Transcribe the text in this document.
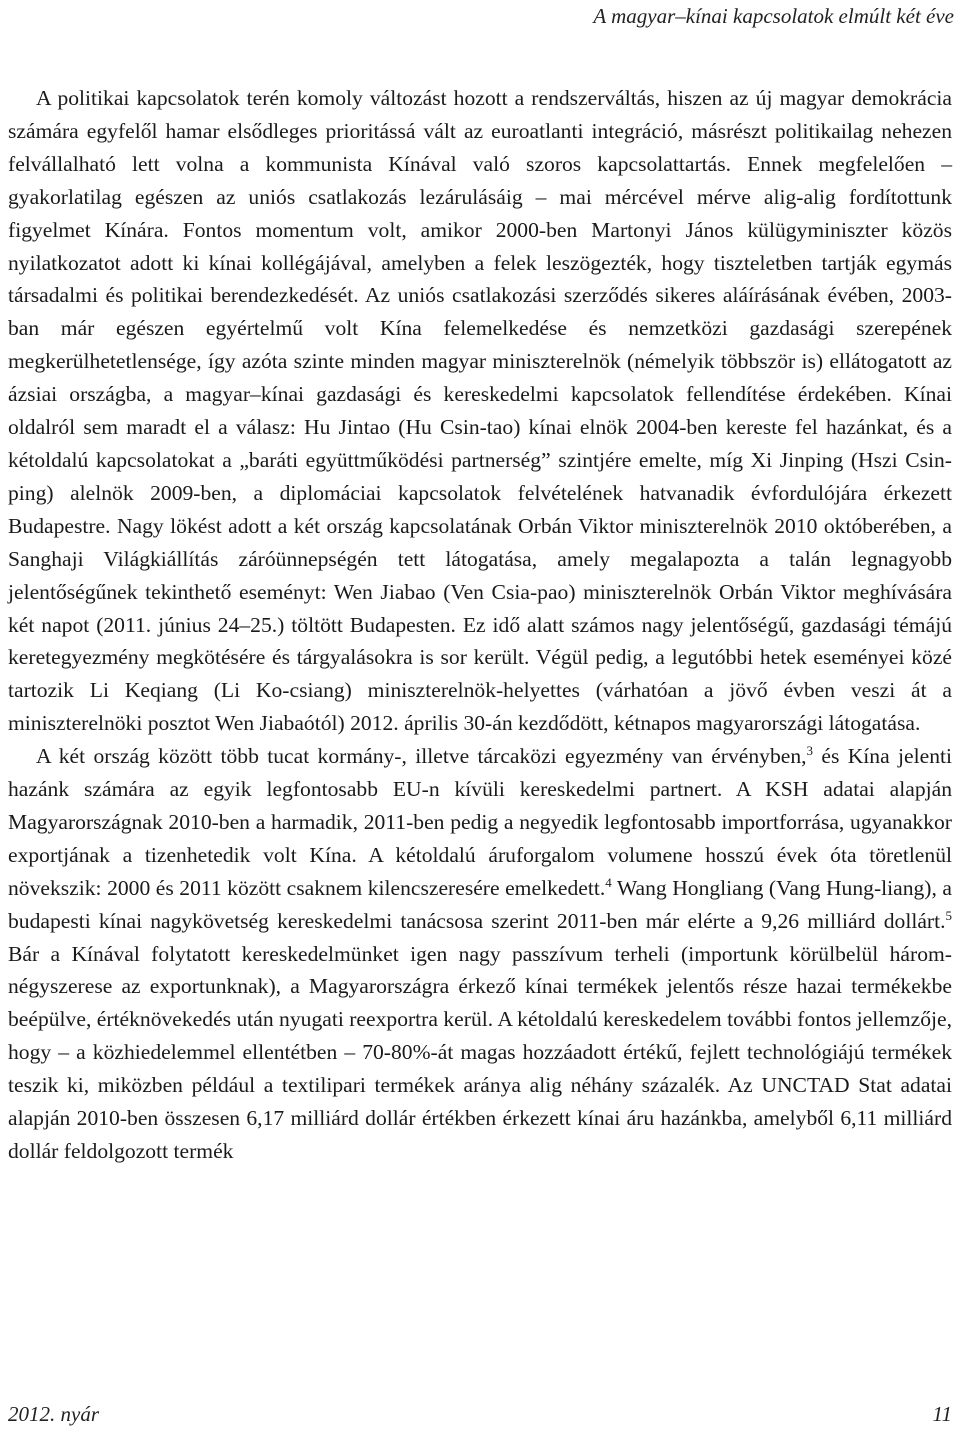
A magyar–kínai kapcsolatok elmúlt két éve

A politikai kapcsolatok terén komoly változást hozott a rendszerváltás, hiszen az új magyar demokrácia számára egyfelől hamar elsődleges prioritássá vált az euroatlanti integráció, másrészt politikailag nehezen felvállalható lett volna a kommunista Kínával való szoros kapcsolattartás. Ennek megfelelően – gyakorlatilag egészen az uniós csatlakozás lezárulásáig – mai mércével mérve alig-alig fordítottunk figyelmet Kínára. Fontos momentum volt, amikor 2000-ben Martonyi János külügyminiszter közös nyilatkozatot adott ki kínai kollégájával, amelyben a felek leszögezték, hogy tiszteletben tartják egymás társadalmi és politikai berendezkedését. Az uniós csatlakozási szerződés sikeres aláírásának évében, 2003-ban már egészen egyértelmű volt Kína felemelkedése és nemzetközi gazdasági szerepének megkerülhetetlensége, így azóta szinte minden magyar miniszterelnök (némelyik többször is) ellátogatott az ázsiai országba, a magyar–kínai gazdasági és kereskedelmi kapcsolatok fellendítése érdekében. Kínai oldalról sem maradt el a válasz: Hu Jintao (Hu Csin-tao) kínai elnök 2004-ben kereste fel hazánkat, és a kétoldalú kapcsolatokat a „baráti együttműködési partnerség” szintjére emelte, míg Xi Jinping (Hszi Csin-ping) alelnök 2009-ben, a diplomáciai kapcsolatok felvételének hatvanadik évfordulójára érkezett Budapestre. Nagy lökést adott a két ország kapcsolatának Orbán Viktor miniszterelnök 2010 októberében, a Sanghaji Világkiállítás záróünnepségén tett látogatása, amely megalapozta a talán legnagyobb jelentőségűnek tekinthető eseményt: Wen Jiabao (Ven Csia-pao) miniszterelnök Orbán Viktor meghívására két napot (2011. június 24–25.) töltött Budapesten. Ez idő alatt számos nagy jelentőségű, gazdasági témájú keretegyezmény megkötésére és tárgyalásokra is sor került. Végül pedig, a legutóbbi hetek eseményei közé tartozik Li Keqiang (Li Ko-csiang) miniszterelnök-helyettes (várhatóan a jövő évben veszi át a miniszterelnöki posztot Wen Jiabaótól) 2012. április 30-án kezdődött, kétnapos magyarországi látogatása.

A két ország között több tucat kormány-, illetve tárcaközi egyezmény van érvényben,$^3$ és Kína jelenti hazánk számára az egyik legfontosabb EU-n kívüli kereskedelmi partnert. A KSH adatai alapján Magyarországnak 2010-ben a harmadik, 2011-ben pedig a negyedik legfontosabb importforrása, ugyanakkor exportjának a tizenhetedik volt Kína. A kétoldalú áruforgalom volumene hosszú évek óta töretlenül növekszik: 2000 és 2011 között csaknem kilencszeresére emelkedett.$^4$ Wang Hongliang (Vang Hung-liang), a budapesti kínai nagykövetség kereskedelmi tanácsosa szerint 2011-ben már elérte a 9,26 milliárd dollárt.$^5$ Bár a Kínával folytatott kereskedelmünket igen nagy passzívum terheli (importunk körülbelül három-négyszerese az exportunknak), a Magyarországra érkező kínai termékek jelentős része hazai termékekbe beépülve, értéknövekedés után nyugati reexportra kerül. A kétoldalú kereskedelem további fontos jellemzője, hogy – a közhiedelemmel ellentétben – 70-80%-át magas hozzáadott értékű, fejlett technológiájú termékek teszik ki, miközben például a textilipari termékek aránya alig néhány százalék. Az UNCTAD Stat adatai alapján 2010-ben összesen 6,17 milliárd dollár értékben érkezett kínai áru hazánkba, amelyből 6,11 milliárd dollár feldolgozott termék

2012. nyár	11
